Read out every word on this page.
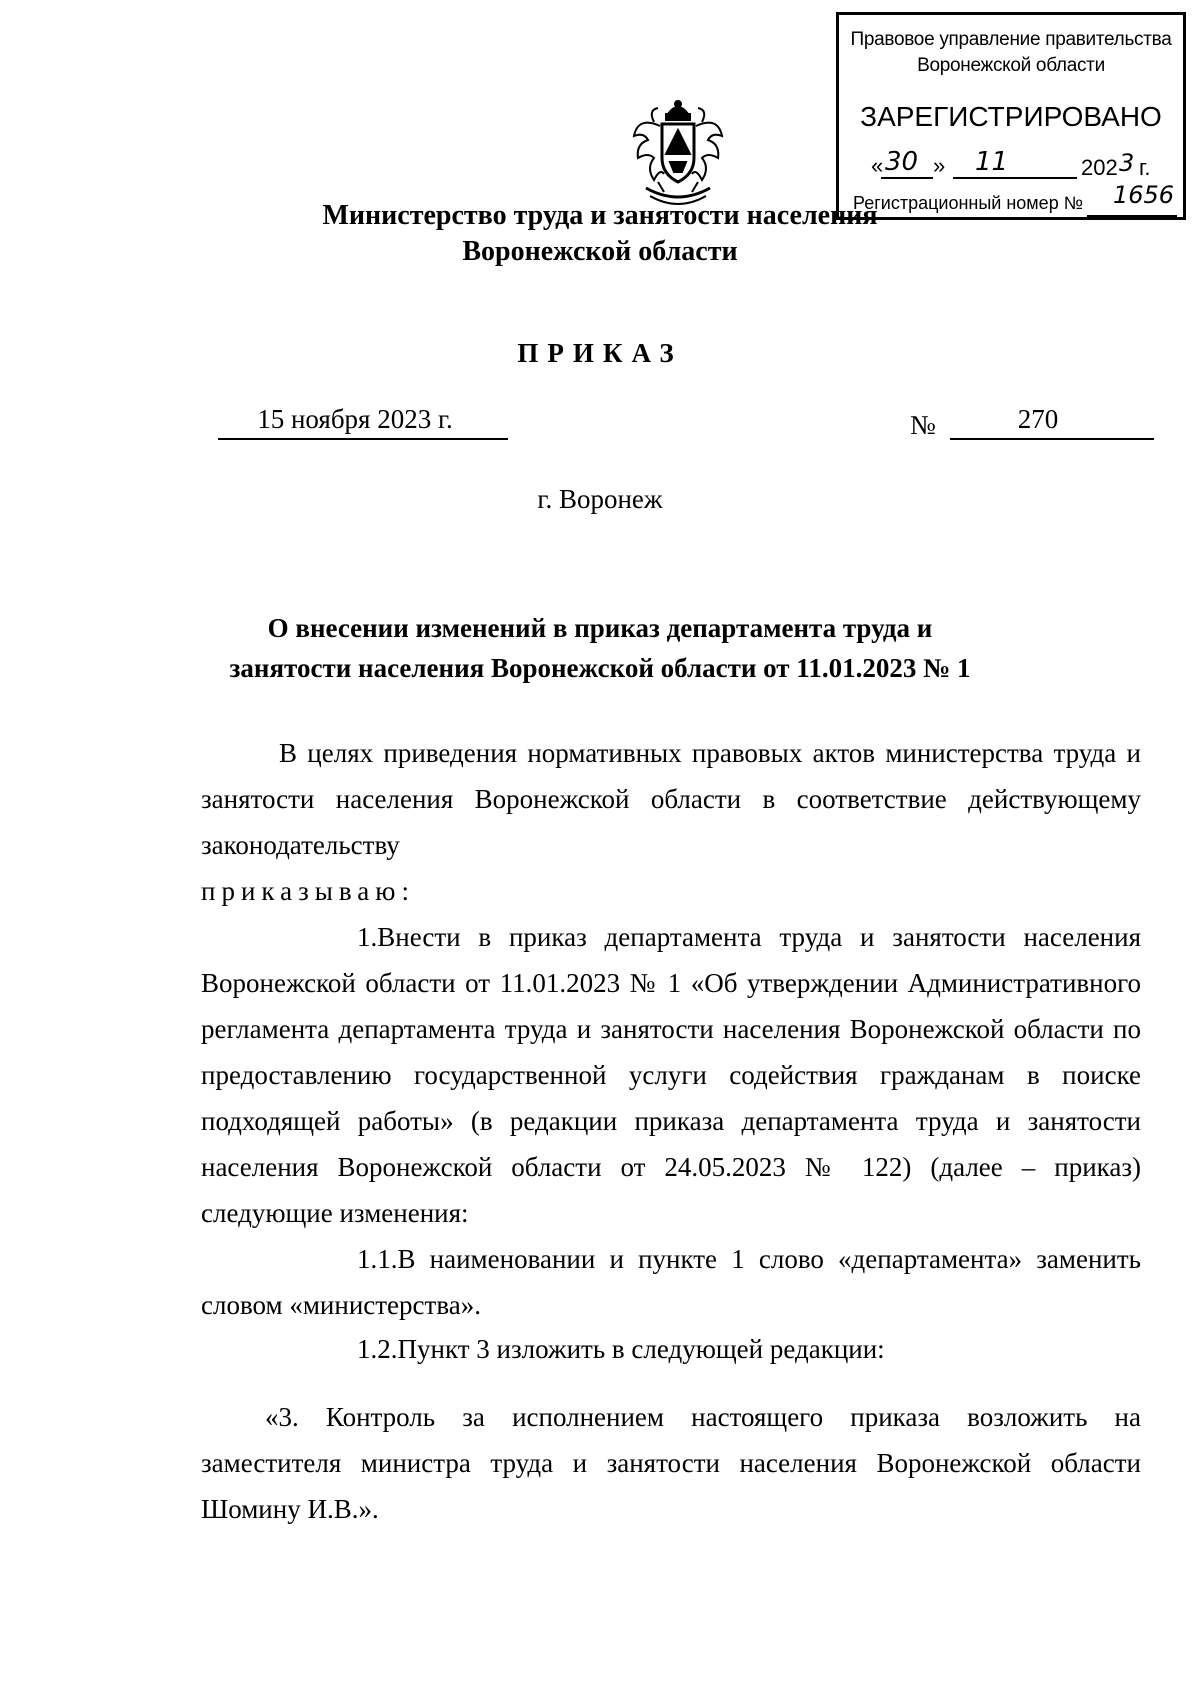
Правовое управление правительства
Воронежской области
ЗАРЕГИСТРИРОВАНО
« 30 » 11	202 3 г.
Регистрационный номер № 1656
Министерство труда и занятости населения
Воронежской области
ПРИКАЗ
15 ноября 2023 г.	№	270
г. Воронеж
О внесении изменений в приказ департамента труда и
занятости населения Воронежской области от 11.01.2023 № 1
В целях приведения нормативных правовых актов министерства труда и занятости населения Воронежской области в соответствие действующему законодательству
приказываю:
1.Внести в приказ департамента труда и занятости населения Воронежской области от 11.01.2023 № 1 «Об утверждении Административного регламента департамента труда и занятости населения Воронежской области по предоставлению государственной услуги содействия гражданам в поиске подходящей работы» (в редакции приказа департамента труда и занятости населения Воронежской области от 24.05.2023 № 122) (далее – приказ) следующие изменения:
1.1.В наименовании и пункте 1 слово «департамента» заменить словом «министерства».
1.2.Пункт 3 изложить в следующей редакции:
«3. Контроль за исполнением настоящего приказа возложить на заместителя министра труда и занятости населения Воронежской области Шомину И.В.».
